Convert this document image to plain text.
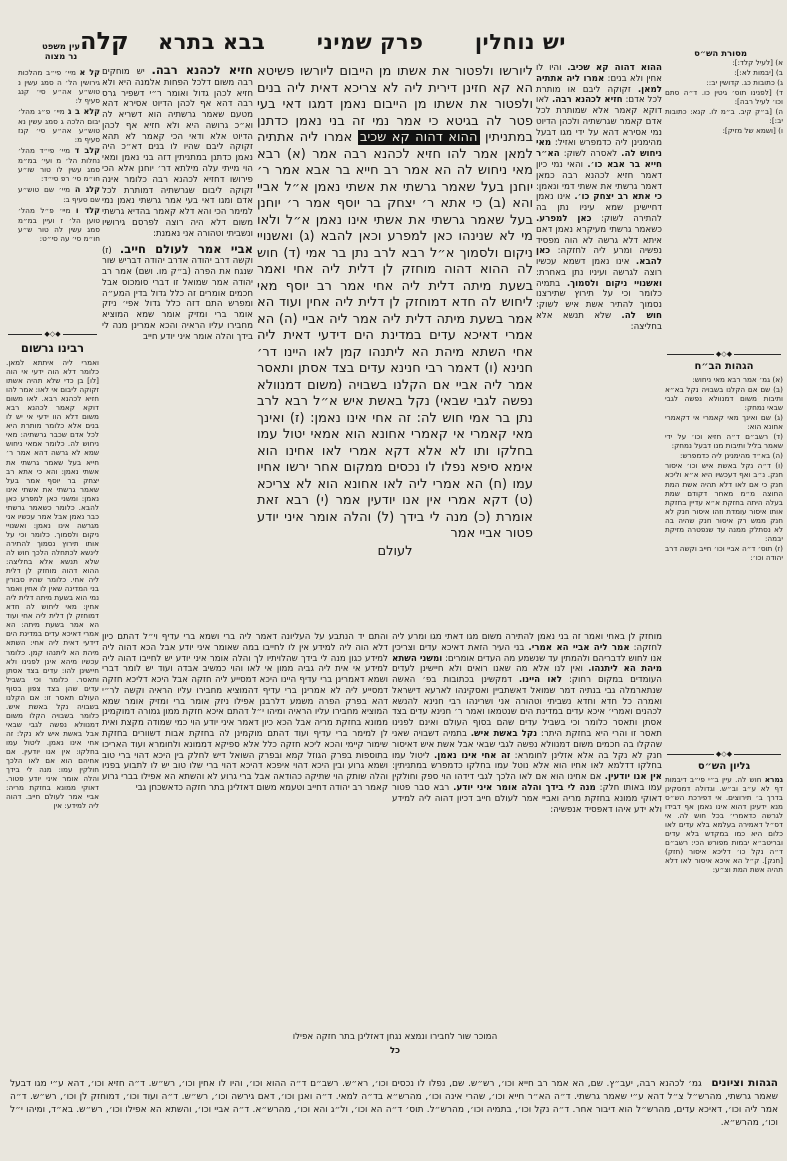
מסורת הש״ס
יש נוחלין
פרק שמיני
בבא בתרא
קלה
עין משפט
נר מצוה
קל א מיי׳ פי״ב מהלכות גירושין הל׳ ה סמג עשין נ טוש״ע אה״ע סי׳ קנג סעיף ל:
קלא ב ג מיי׳ פ״ג מהל׳ יבום הלכה ג סמג עשין נא טוש״ע אה״ע סי׳ קנז סעיף מ:
קלב ד מיי׳ פי״ד מהל׳ נחלות הל׳ מ ועי׳ במ״מ סמג עשין לו טור שו״ע חו״מ סי׳ רפ סי״ד:
קלג ה מיי׳ שם טוש״ע שם סעיף ב:
קלד ו מיי׳ פ״ל מהל׳ טוען הל׳ ז ועיין במ״מ סמג עשין לה טור ש״ע חו״מ סי׳ עה סי״ט:
◆◇◆
רבינו גרשום
ואמרי ליה איתתא למאן. כלומר דלא הוה ידעי אי הוה [לו] בן כדי שלא תהיה אשתו זקוקה ליבום אי לאו: אמר להו חזיא לכהנא רבא. לאו משום דוקא קאמר לכהנא רבא משום דלא הוו ידעי אי יש לו בנים אלא כלומר מותרת היא לכל אדם שכבר גרשתיה: מאי ניחוש לה. כלומר אמאי ניחוש שמא לא גרשה דהא אמר ר׳ חייא בעל שאמר גרשתי את אשתי נאמן: והא כי אתא רב יצחק בר יוסף אמר בעל שאמר גרשתי את אשתי אינו נאמן: ומשני כאן למפרע כאן להבא. כלומר כשאמר גרשתי כבר נאמן אבל אמר עכשיו אני מגרשה אינו נאמן: ואשנויי ניקום ולסמוך. כלומר וכי על אותו תירוץ נסמוך להתירה לינשא לכתחלה הלכך חוש לה שלא תנשא אלא בחליצה: ההוא דהוה מוחזק לן דלית ליה אחי. כלומר שהיו סבורין בני המדינה שאין לו אחין ואמר נמי הוא בשעת מיתה דלית ליה אחין: מאי ליחוש לה חדא דמוחזק לן דלית ליה אחי ועוד הא אמר בשעת מיתה: הא אמרי דאיכא עדים במדינת הים דידעי דאית ליה אחי: השתא מיהת הא ליתנהו קמן. כלומר עכשיו מיהא אינן לפנינו ולא חיישינן להו: עדים בצד אסתן ותאסר. כלומר וכי בשביל עדים שהן בצד צפון בסוף העולם תאסר זו: אם הקלנו בשבויה נקל באשת איש. כלומר בשבויה הקלו משום דמנוולא נפשה לגבי שבאי אבל באשת איש לא נקל: זה אחי אינו נאמן. ליטול עמו בחלקו: אין אנו יודעין. אם אחיהם הוא אם לאו הלכך חולקין עמו: מנה לי בידך והלה אומר איני יודע פטור. דאוקי ממונא בחזקת מריה: אביי אמר לעולם חייב. דהוה ליה למידע: אין

חזיא לכהנא רבה. יש מוחקים רבה משום דלכל הפחות אלמנה היא ולא חזיא לכהן גדול ואומר ר״י דשפיר גרס רבה דהא אף לכהן הדיוט אסירא דהא מטעם שאמר גרשתיה הוא דשריא לה וא״כ גרושה היא ולא חזיא אף לכהן הדיוט אלא ודאי הכי קאמר לא תהא זקוקה ליבם שהיו לו בנים דא״כ היה נאמן כדתנן במתניתין דזה בני נאמן ומאי הוי מייתי עלה מילתא דר׳ יוחנן אלא הכי פירושו דחזיא לכהנא רבה כלומר אינה זקוקה ליבום שגרשתיה דמותרת לכל אדם ומגו דאי בעי אמר גרשתי נאמן נמי למימר הכי והא דלא קאמר בהדיא גרשתי משום דלא היה רוצה לפרסם גירושיו ונשביתי וטהורה אני נאמנת:

אביי אמר לעולם חייב. (ז) וקשה דרב יהודה אדרב יהודה דבריש שור שנגח את הפרה (ב״ק מו. ושם) אמר רב יהודה אמר שמואל זו דברי סומכוס אבל חכמים אומרים זה כלל גדול בדין המע״ה ומפרש התם דזה כלל גדול אפי׳ ניזק אומר ברי ומזיק אומר שמא המוציא מחבירו עליו הראיה והכא אמרינן מנה לי בידך והלה אומר איני יודע חייב

ליורשו ולפטור את אשתו מן הייבום ליורשו פשיטא הא קא חזינן דירית ליה לא צריכא דאית ליה בנים ולפטור את אשתו מן הייבום נאמן דמגו דאי בעי פטר לה בגיטא כי אמר נמי זה בני נאמן כדתנן במתניתין ההוא דהוה קא שכיב אמרו ליה אתתיה למאן אמר להו חזיא לכהנא רבה אמר (א) רבא מאי ניחוש לה הא אמר רב חייא בר אבא אמר ר׳ יוחנן בעל שאמר גרשתי את אשתי נאמן א״ל אביי והא (ב) כי אתא ר׳ יצחק בר יוסף אמר ר׳ יוחנן בעל שאמר גרשתי את אשתי אינו נאמן א״ל ולאו מי לא שנינהו כאן למפרע וכאן להבא (ג) ואשנויי ניקום ולסמוך א״ל רבא לרב נתן בר אמי (ד) חוש לה ההוא דהוה מוחזק לן דלית ליה אחי ואמר בשעת מיתה דלית ליה אחי אמר רב יוסף מאי ליחוש לה חדא דמוחזק לן דלית ליה אחין ועוד הא אמר בשעת מיתה דלית ליה אמר ליה אביי (ה) הא אמרי דאיכא עדים במדינת הים דידעי דאית ליה אחי השתא מיהת הא ליתנהו קמן לאו היינו דר׳ חנינא (ו) דאמר רבי חנינא עדים בצד אסתן ותאסר אמר ליה אביי אם הקלנו בשבויה (משום דמנוולא נפשה לגבי שבאי) נקל באשת איש א״ל רבא לרב נתן בר אמי חוש לה: זה אחי אינו נאמן: (ז) ואינך מאי קאמרי אי קאמרי אחונא הוא אמאי יטול עמו בחלקו ותו לא אלא דקא אמרי לאו אחינו הוא אימא סיפא נפלו לו נכסים ממקום אחר ירשו אחיו עמו (ח) הא אמרי ליה לאו אחונא הוא לא צריכא (ט) דקא אמרי אין אנו יודעין אמר (י) רבא זאת אומרת (כ) מנה לי בידך (ל) והלה אומר איני יודע פטור אביי אמר
לעולם

ההוא דהוה קא שכיב. והיו לו אחין ולא בנים: אמרו ליה אתתיה למאן. זקוקה ליבם או מותרת לכל אדם: חזיא לכהנא רבה. לאו דוקא קאמר אלא שמותרת לכל אדם קאמר שגרשתיה ולכהן הדיוט נמי אסירא דהא על ידי מגו דבעל מהימנינן ליה כדמפרש ואזיל: מאי ניחוש לה. לאסרה לשוק: הא״ר חייא בר אבא כו׳. והאי נמי כיון דאמר חזיא לכהנא רבה כמאן דאמר גרשתי את אשתי דמי ונאמן: כי אתא רב יצחק כו׳. אינו נאמן דחיישינן שמא עיניו נתן בה להתירה לשוק: כאן למפרע. כשאמר גרשתי מעיקרא נאמן דאם איתא דלא גרשה לא הוה מפסיד נפשיה ומרע ליה לחזקה: כאן להבא. אינו נאמן דשמא עכשיו רוצה לגרשה ועיניו נתן באחרת: ואשנויי ניקום ולסמוך. בתמיה כלומר וכי על תירוץ שתירצנו נסמוך להתיר אשת איש לשוק: חוש לה. שלא תנשא אלא בחליצה:

א) [לעיל קלד:]:
ב) [יבמות לא:]:
ג) כתובות כג. קדושין יב::
ד) [לפנינו תוס׳ גיטין כו. ד״ה סתם וכו׳ לעיל רבה]:
ה) [ב״ק קיב. ב״מ לו. קנא: כתובות יב:]:
ו) [ושמא של מזיק]:
◆◇◆
הגהות הב״ח
(א) גמ׳ אמר רבא מאי ניחוש:
(ב) שם אם הקלנו בשבויה נקל בא״א ותיבות משום דמנוולא נפשה לגבי שבאי נמחק:
(ג) שם ואינך מאי קאמרי אי דקאמרי אחונא הוא:
(ד) רשב״ם ד״ה חזיא וכו׳ על ידי שאמר בליל ותיבות מנו דבעל נמחק:
(ה) בא״ד מהימנינן ליה כדמפרש:
(ו) ד״ה נקל באשת איש וכו׳ איסור חנק. נ״ב ואף דעכשיו היא א״א וליכא חנק כי אם לאו דלא תהיה אשת המת החוצה מ״מ מאחר דקודם שמת בעלה היתה בחזקת א״א עדיין בחזקת אותו איסור עומדת וזהו איסור חנק לא חנק ממש רק איסור חנק שהיה בה לא נסתלק ממנה עד שנפטרה מזיקת יבמה:
(ז) תוס׳ ד״ה אביי וכו׳ חייב וקשה דרב יהודה וכו׳:
◆◇◆
גליון הש״ס
גמרא חוש לה. עיין ב״י פי״ב דיבמות דף לא ע״ב וב״ש. וגדולה דמסקינן בדרך ב׳ תירוצים. אי דפירכת הש״ס מנא ידעינן דהוא אינו נאמן אף דבידו לגרשה כדאמרי׳ בכל חוש לה. אי דס״ל דאמירה בעלמא בלא עדים לאו כלום היא כמו במקדש בלא עדים ובריטב״א יבמות מפורש הכי: רשב״ם ד״ה נקל כו׳ דליכא איסור (חזק) [חנק]. ק״ל הא איכא איסור לאו דלא תהיה אשת המת וצ״ע:
והתם יד הנתבע על העליונה דאמר ליה ברי ושמא ברי עדיף וי״ל דהתם כיון דלא הוה ליה למידע אין לו לחייבו במה שאומר איני יודע אבל הכא דהוה ליה למידע כגון מנה לי בידך שהלויתיו לך והלה אומר איני יודע יש לחייבו דהוה ליה למידע אי אית ליה גביה ממון אי לאו והוי כמשיב אבדה ועוד יש לומר דברי ושמא דאמרינן ברי עדיף היינו היכא דמסייע ליה חזקה אבל היכא דליכא חזקה דמסייע ליה לא אמרינן ברי עדיף דהמוציא מחבירו עליו הראיה וקשה לר״י דהא בפרק הפרה משמע דלרבנן אפילו ניזק אומר ברי ומזיק אומר שמא המוציא מחבירו עליו הראיה ומיהו י״ל דהתם איכא חזקת ממון גמורה דמוקמינן ממונא בחזקת מריה אבל הכא כיון דאמר איני יודע הוי כמי שמודה מקצת ואית לן למימר ברי עדיף ועוד דהתם מוקמינן לה בחזקת אבות דשוורים בחזקת שימור קיימי והכא ליכא חזקה כלל אלא ספיקא דממונא ולחומרא ועוד האריכו בתוספות בפרק הגוזל קמא ובפרק השואל דיש לחלק בין היכא דהוי ברי טוב ושמא גרוע ובין היכא דהוי איפכא דהיכא דהוי ברי שלו טוב יש לו לתבוע בפניו והלה שותק הוי שתיקה כהודאה אבל ברי גרוע לא והשתא הא אפילו בברי גרוע קאמר רב יהודה דחייב וטעמא משום דאזלינן בתר חזקה כדאשכחן גבי
מוחזק לן באחי ואמר זה בני נאמן להתירה משום מגו דאתי מגו ומרע ליה לחזקה: אמר ליה אביי הא אמרי. בני העיר הזאת דאיכא עדים וצריכין אנו לחוש לדבריהם ולהמתין עד שנשמע מה העדים אומרים: ומשני השתא מיהת הא ליתנהו. ואין לנו אלא מה שאנו רואים ולא חיישינן לעדים העומדים במקום רחוק: לאו היינו. דמקשינן בכתובות בפ׳ האשה שנתארמלה גבי בנתיה דמר שמואל דאשתביין ואסקינהו לארעא דישראל ואמרה כל חדא וחדא נשביתי וטהורה אני ושרינהו רבי חנינא להנשא לכהנים ואמרי׳ איכא עדים במדינת הים שנטמאו ואמר ר׳ חנינא עדים בצד אסתן ותאסר כלומר וכי בשביל עדים שהם בסוף העולם ואינם לפנינו תאסר זו והרי היא בחזקת היתר: נקל באשת איש. בתמיה דשבויה שאני שהקלו בה חכמים משום דמנוולא נפשה לגבי שבאי אבל אשת איש דאיסור חנק לא נקל בה אלא אזלינן לחומרא: זה אחי אינו נאמן. ליטול עמו בחלקו דדלמא לאו אחיו הוא אלא נוטל עמו בחלקו כדמפרש במתניתין: אין אנו יודעין. אם אחינו הוא אם לאו הלכך לגבי דידהו הוי ספק וחולקין עמו באותו חלק: מנה לי בידך והלה אומר איני יודע. רבא סבר פטור דאוקי ממונא בחזקת מריה ואביי אמר לעולם חייב דכיון דהוה ליה למידע ולא ידע איהו דאפסיד אנפשיה:
המוכר שור לחבירו ונמצא נגחן דאזלינן בתר חזקה אפילו
כל
הגהות וציונים גמ׳ לכהנא רבה, יעב״ץ. שם, הא אמר רב חייא וכו׳, רש״ש. שם, נפלו לו נכסים וכו׳, רא״ש. רשב״ם ד״ה ההוא וכו׳, והיו לו אחין וכו׳, רש״ש. ד״ה חזיא וכו׳, דהא ע״י מגו דבעל שאמר גרשתי, מהרש״ל צ״ל דהא ע״י שאמר גרשתי. ד״ה הא״ר חייא וכו׳, שהרי אינה וכו׳, מהרש״א בד״ה למאי. ד״ה ואנן וכו׳, דאם גירשה וכו׳, רש״ש. ד״ה ועוד וכו׳, דמוחזק לן וכו׳, רש״ש. ד״ה אמר ליה וכו׳, דאיכא עדים, מהרש״ל הוא דיבור אחר. ד״ה נקל וכו׳, בתמיה וכו׳, מהרש״ל. תוס׳ ד״ה הא וכו׳, ול״ג והא וכו׳, מהרש״א. ד״ה אביי וכו׳, והשתא הא אפילו וכו׳, רש״ש. בא״ד, ומיהו י״ל וכו׳, מהרש״א.
